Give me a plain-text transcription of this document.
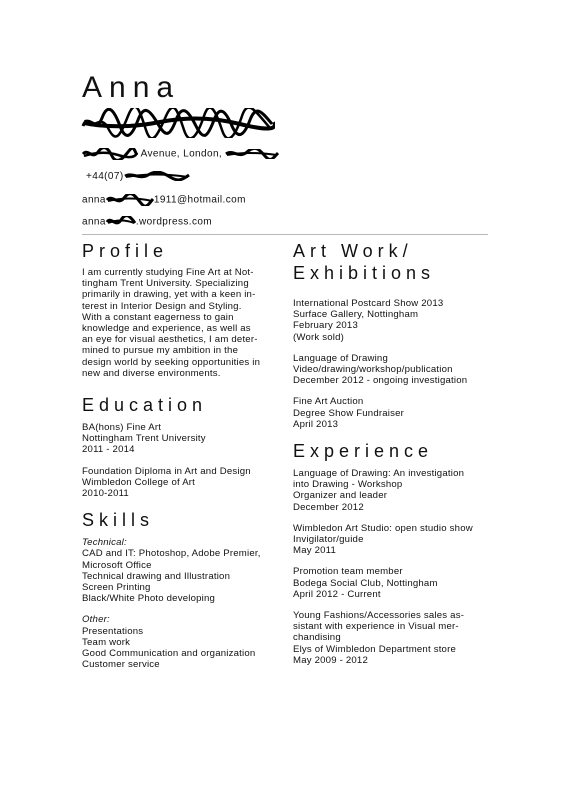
Anna
Avenue, London,
+44(07)
anna	1911@hotmail.com
anna	.wordpress.com
Profile
I am currently studying Fine Art at Not-
tingham Trent University. Specializing
primarily in drawing, yet with a keen in-
terest in Interior Design and Styling.
With a constant eagerness to gain
knowledge and experience, as well as
an eye for visual aesthetics, I am deter-
mined to pursue my ambition in the
design world by seeking opportunities in
new and diverse environments.
Education
BA(hons) Fine Art
Nottingham Trent University
2011 - 2014
Foundation Diploma in Art and Design
Wimbledon College of Art
2010-2011
Skills
Technical:
CAD and IT: Photoshop, Adobe Premier,
Microsoft Office
Technical drawing and Illustration
Screen Printing
Black/White Photo developing
Other:
Presentations
Team work
Good Communication and organization
Customer service
Art Work/
Exhibitions
International Postcard Show 2013
Surface Gallery, Nottingham
February 2013
(Work sold)
Language of Drawing
Video/drawing/workshop/publication
December 2012 - ongoing investigation
Fine Art Auction
Degree Show Fundraiser
April 2013
Experience
Language of Drawing: An investigation
into Drawing - Workshop
Organizer and leader
December 2012
Wimbledon Art Studio: open studio show
Invigilator/guide
May 2011
Promotion team member
Bodega Social Club, Nottingham
April 2012 - Current
Young Fashions/Accessories sales as-
sistant with experience in Visual mer-
chandising
Elys of Wimbledon Department store
May 2009 - 2012
